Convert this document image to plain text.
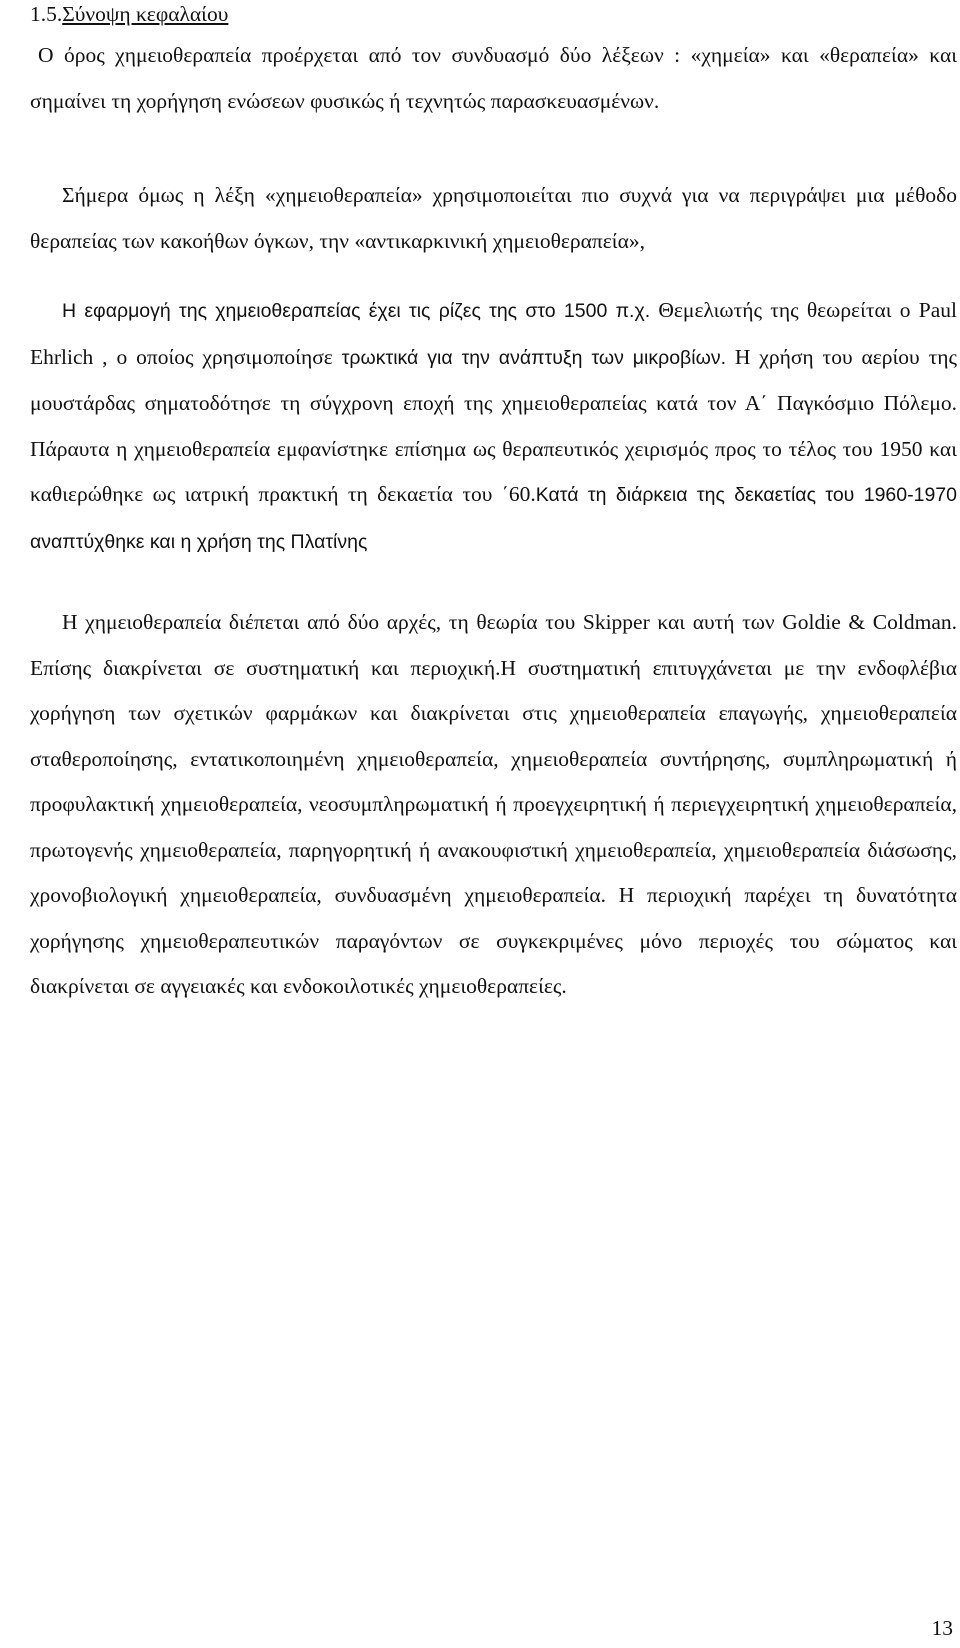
1.5.Σύνοψη κεφαλαίου
Ο όρος χημειοθεραπεία προέρχεται από τον συνδυασμό δύο λέξεων : «χημεία» και «θεραπεία» και σημαίνει τη χορήγηση ενώσεων φυσικώς ή τεχνητώς παρασκευασμένων.
Σήμερα όμως η λέξη «χημειοθεραπεία» χρησιμοποιείται πιο συχνά για να περιγράψει μια μέθοδο θεραπείας των κακοήθων όγκων, την «αντικαρκινική χημειοθεραπεία»,
Η εφαρμογή της χημειοθεραπείας έχει τις ρίζες της στο 1500 π.χ. Θεμελιωτής της θεωρείται ο Paul Ehrlich , ο οποίος χρησιμοποίησε τρωκτικά για την ανάπτυξη των μικροβίων. Η χρήση του αερίου της μουστάρδας σηματοδότησε τη σύγχρονη εποχή της χημειοθεραπείας κατά τον Α΄ Παγκόσμιο Πόλεμο. Πάραυτα η χημειοθεραπεία εμφανίστηκε επίσημα ως θεραπευτικός χειρισμός προς το τέλος του 1950 και καθιερώθηκε ως ιατρική πρακτική τη δεκαετία του ΄60.Κατά τη διάρκεια της δεκαετίας του 1960-1970 αναπτύχθηκε και η χρήση της Πλατίνης
Η χημειοθεραπεία διέπεται από δύο αρχές, τη θεωρία του Skipper και αυτή των Goldie & Coldman. Επίσης διακρίνεται σε συστηματική και περιοχική.Η συστηματική επιτυγχάνεται με την ενδοφλέβια χορήγηση των σχετικών φαρμάκων και διακρίνεται στις χημειοθεραπεία επαγωγής, χημειοθεραπεία σταθεροποίησης, εντατικοποιημένη χημειοθεραπεία, χημειοθεραπεία συντήρησης, συμπληρωματική ή προφυλακτική χημειοθεραπεία, νεοσυμπληρωματική ή προεγχειρητική ή περιεγχειρητική χημειοθεραπεία, πρωτογενής χημειοθεραπεία, παρηγορητική ή ανακουφιστική χημειοθεραπεία, χημειοθεραπεία διάσωσης, χρονοβιολογική χημειοθεραπεία, συνδυασμένη χημειοθεραπεία. Η περιοχική παρέχει τη δυνατότητα χορήγησης χημειοθεραπευτικών παραγόντων σε συγκεκριμένες μόνο περιοχές του σώματος και διακρίνεται σε αγγειακές και ενδοκοιλοτικές χημειοθεραπείες.
13
